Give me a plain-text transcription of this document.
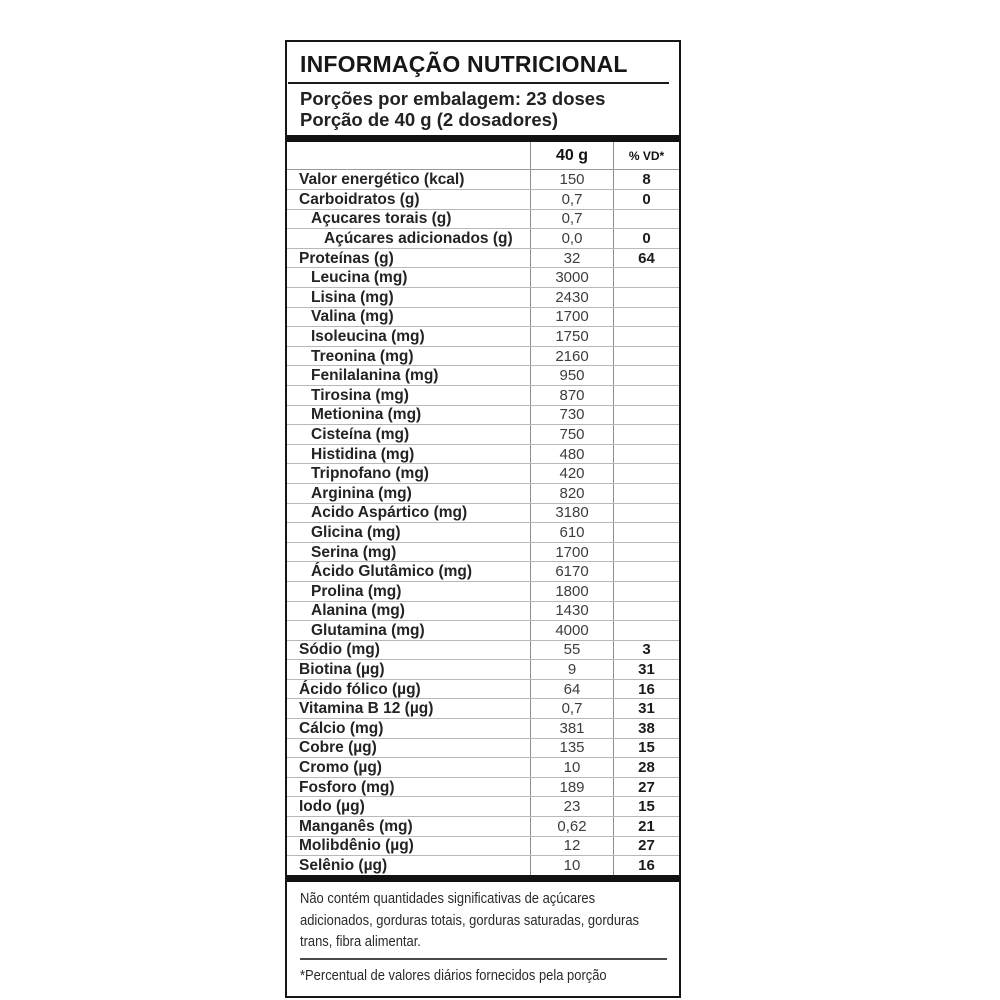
INFORMAÇÃO NUTRICIONAL
Porções por embalagem: 23 doses
Porção de 40 g (2 dosadores)
40 g	% VD*
Valor energético (kcal)	150	8
Carboidratos (g)	0,7	0
Açucares torais (g)	0,7
Açúcares adicionados (g)	0,0	0
Proteínas (g)	32	64
Leucina (mg)	3000
Lisina (mg)	2430
Valina (mg)	1700
Isoleucina (mg)	1750
Treonina (mg)	2160
Fenilalanina (mg)	950
Tirosina (mg)	870
Metionina (mg)	730
Cisteína (mg)	750
Histidina (mg)	480
Tripnofano (mg)	420
Arginina (mg)	820
Acido Aspártico (mg)	3180
Glicina (mg)	610
Serina (mg)	1700
Ácido Glutâmico (mg)	6170
Prolina (mg)	1800
Alanina (mg)	1430
Glutamina (mg)	4000
Sódio (mg)	55	3
Biotina (µg)	9	31
Ácido fólico (µg)	64	16
Vitamina B 12 (µg)	0,7	31
Cálcio (mg)	381	38
Cobre (µg)	135	15
Cromo (µg)	10	28
Fosforo (mg)	189	27
Iodo (µg)	23	15
Manganês (mg)	0,62	21
Molibdênio (µg)	12	27
Selênio (µg)	10	16
Não contém quantidades significativas de açúcares adicionados, gorduras totais, gorduras saturadas, gorduras trans, fibra alimentar.
*Percentual de valores diários fornecidos pela porção
